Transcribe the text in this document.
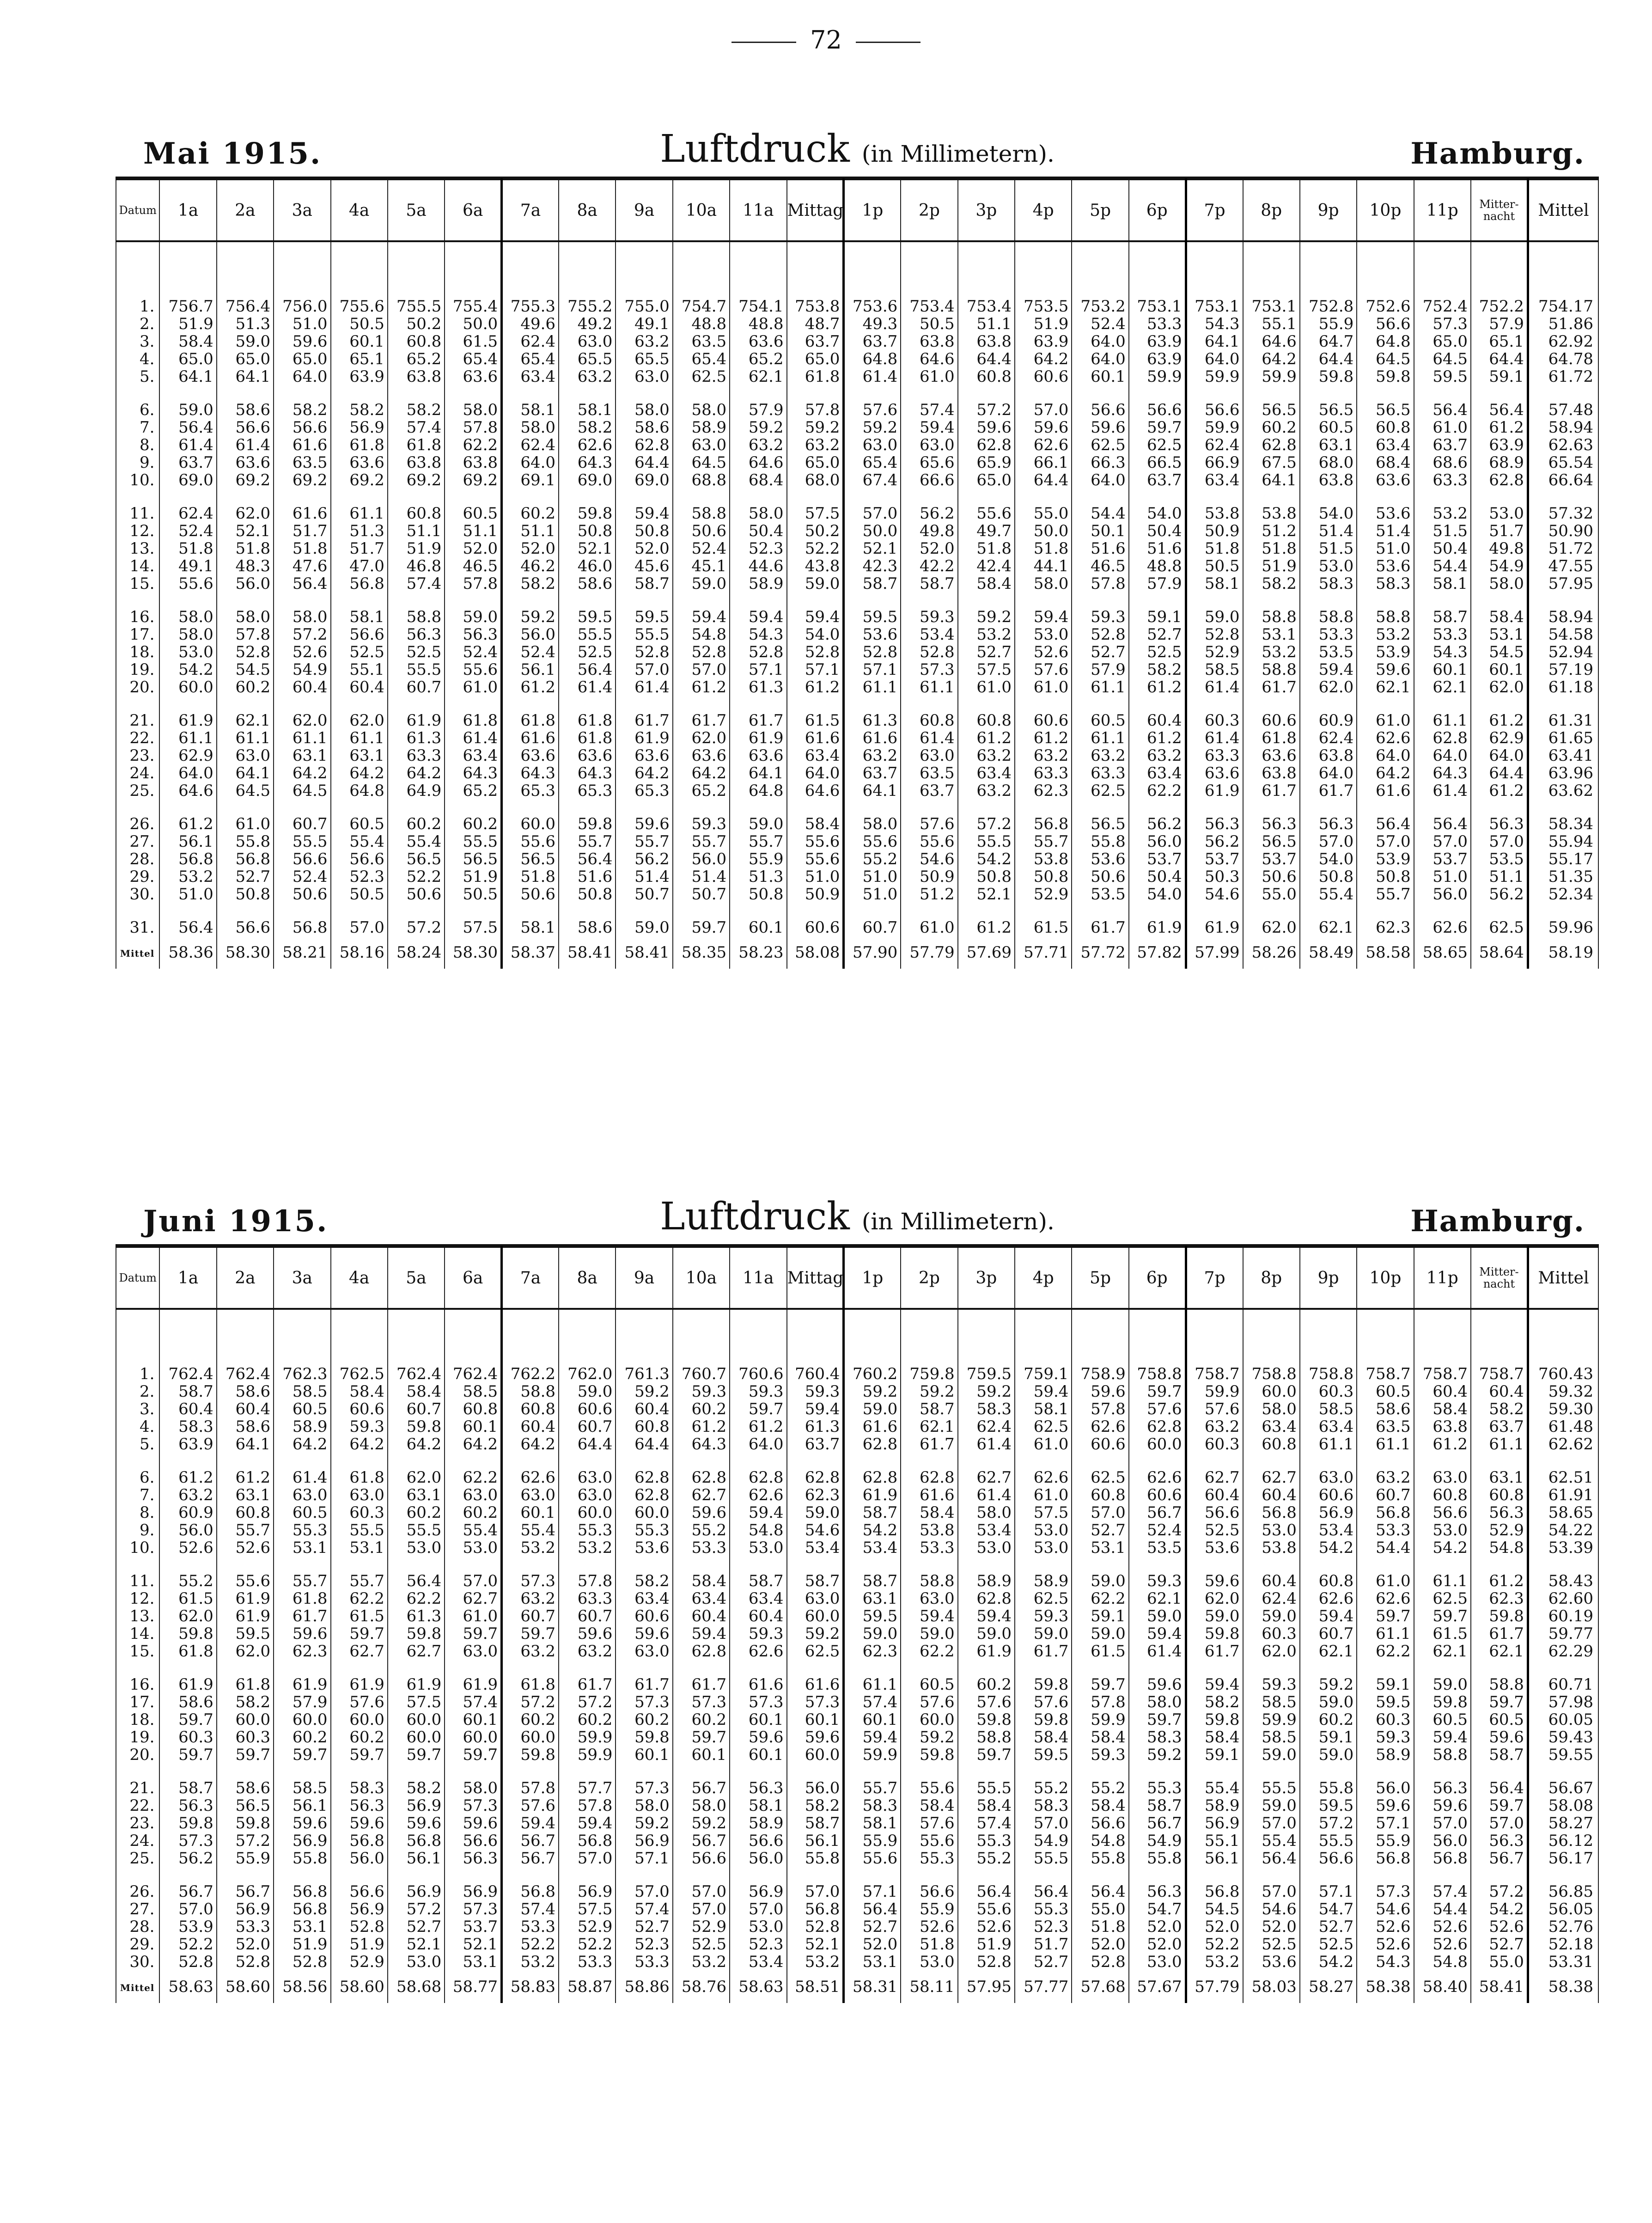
72
Mai 1915.	Luftdruck (in Millimetern).	Hamburg.
Datum	1a	2a	3a	4a	5a	6a	7a	8a	9a	10a	11a	Mittag	1p	2p	3p	4p	5p	6p	7p	8p	9p	10p	11p	Mitter-nacht	Mittel

1.	756.7	756.4	756.0	755.6	755.5	755.4	755.3	755.2	755.0	754.7	754.1	753.8	753.6	753.4	753.4	753.5	753.2	753.1	753.1	753.1	752.8	752.6	752.4	752.2	754.17
2.	51.9	51.3	51.0	50.5	50.2	50.0	49.6	49.2	49.1	48.8	48.8	48.7	49.3	50.5	51.1	51.9	52.4	53.3	54.3	55.1	55.9	56.6	57.3	57.9	51.86
3.	58.4	59.0	59.6	60.1	60.8	61.5	62.4	63.0	63.2	63.5	63.6	63.7	63.7	63.8	63.8	63.9	64.0	63.9	64.1	64.6	64.7	64.8	65.0	65.1	62.92
4.	65.0	65.0	65.0	65.1	65.2	65.4	65.4	65.5	65.5	65.4	65.2	65.0	64.8	64.6	64.4	64.2	64.0	63.9	64.0	64.2	64.4	64.5	64.5	64.4	64.78
5.	64.1	64.1	64.0	63.9	63.8	63.6	63.4	63.2	63.0	62.5	62.1	61.8	61.4	61.0	60.8	60.6	60.1	59.9	59.9	59.9	59.8	59.8	59.5	59.1	61.72

6.	59.0	58.6	58.2	58.2	58.2	58.0	58.1	58.1	58.0	58.0	57.9	57.8	57.6	57.4	57.2	57.0	56.6	56.6	56.6	56.5	56.5	56.5	56.4	56.4	57.48
7.	56.4	56.6	56.6	56.9	57.4	57.8	58.0	58.2	58.6	58.9	59.2	59.2	59.2	59.4	59.6	59.6	59.6	59.7	59.9	60.2	60.5	60.8	61.0	61.2	58.94
8.	61.4	61.4	61.6	61.8	61.8	62.2	62.4	62.6	62.8	63.0	63.2	63.2	63.0	63.0	62.8	62.6	62.5	62.5	62.4	62.8	63.1	63.4	63.7	63.9	62.63
9.	63.7	63.6	63.5	63.6	63.8	63.8	64.0	64.3	64.4	64.5	64.6	65.0	65.4	65.6	65.9	66.1	66.3	66.5	66.9	67.5	68.0	68.4	68.6	68.9	65.54
10.	69.0	69.2	69.2	69.2	69.2	69.2	69.1	69.0	69.0	68.8	68.4	68.0	67.4	66.6	65.0	64.4	64.0	63.7	63.4	64.1	63.8	63.6	63.3	62.8	66.64

11.	62.4	62.0	61.6	61.1	60.8	60.5	60.2	59.8	59.4	58.8	58.0	57.5	57.0	56.2	55.6	55.0	54.4	54.0	53.8	53.8	54.0	53.6	53.2	53.0	57.32
12.	52.4	52.1	51.7	51.3	51.1	51.1	51.1	50.8	50.8	50.6	50.4	50.2	50.0	49.8	49.7	50.0	50.1	50.4	50.9	51.2	51.4	51.4	51.5	51.7	50.90
13.	51.8	51.8	51.8	51.7	51.9	52.0	52.0	52.1	52.0	52.4	52.3	52.2	52.1	52.0	51.8	51.8	51.6	51.6	51.8	51.8	51.5	51.0	50.4	49.8	51.72
14.	49.1	48.3	47.6	47.0	46.8	46.5	46.2	46.0	45.6	45.1	44.6	43.8	42.3	42.2	42.4	44.1	46.5	48.8	50.5	51.9	53.0	53.6	54.4	54.9	47.55
15.	55.6	56.0	56.4	56.8	57.4	57.8	58.2	58.6	58.7	59.0	58.9	59.0	58.7	58.7	58.4	58.0	57.8	57.9	58.1	58.2	58.3	58.3	58.1	58.0	57.95

16.	58.0	58.0	58.0	58.1	58.8	59.0	59.2	59.5	59.5	59.4	59.4	59.4	59.5	59.3	59.2	59.4	59.3	59.1	59.0	58.8	58.8	58.8	58.7	58.4	58.94
17.	58.0	57.8	57.2	56.6	56.3	56.3	56.0	55.5	55.5	54.8	54.3	54.0	53.6	53.4	53.2	53.0	52.8	52.7	52.8	53.1	53.3	53.2	53.3	53.1	54.58
18.	53.0	52.8	52.6	52.5	52.5	52.4	52.4	52.5	52.8	52.8	52.8	52.8	52.8	52.8	52.7	52.6	52.7	52.5	52.9	53.2	53.5	53.9	54.3	54.5	52.94
19.	54.2	54.5	54.9	55.1	55.5	55.6	56.1	56.4	57.0	57.0	57.1	57.1	57.1	57.3	57.5	57.6	57.9	58.2	58.5	58.8	59.4	59.6	60.1	60.1	57.19
20.	60.0	60.2	60.4	60.4	60.7	61.0	61.2	61.4	61.4	61.2	61.3	61.2	61.1	61.1	61.0	61.0	61.1	61.2	61.4	61.7	62.0	62.1	62.1	62.0	61.18

21.	61.9	62.1	62.0	62.0	61.9	61.8	61.8	61.8	61.7	61.7	61.7	61.5	61.3	60.8	60.8	60.6	60.5	60.4	60.3	60.6	60.9	61.0	61.1	61.2	61.31
22.	61.1	61.1	61.1	61.1	61.3	61.4	61.6	61.8	61.9	62.0	61.9	61.6	61.6	61.4	61.2	61.2	61.1	61.2	61.4	61.8	62.4	62.6	62.8	62.9	61.65
23.	62.9	63.0	63.1	63.1	63.3	63.4	63.6	63.6	63.6	63.6	63.6	63.4	63.2	63.0	63.2	63.2	63.2	63.2	63.3	63.6	63.8	64.0	64.0	64.0	63.41
24.	64.0	64.1	64.2	64.2	64.2	64.3	64.3	64.3	64.2	64.2	64.1	64.0	63.7	63.5	63.4	63.3	63.3	63.4	63.6	63.8	64.0	64.2	64.3	64.4	63.96
25.	64.6	64.5	64.5	64.8	64.9	65.2	65.3	65.3	65.3	65.2	64.8	64.6	64.1	63.7	63.2	62.3	62.5	62.2	61.9	61.7	61.7	61.6	61.4	61.2	63.62

26.	61.2	61.0	60.7	60.5	60.2	60.2	60.0	59.8	59.6	59.3	59.0	58.4	58.0	57.6	57.2	56.8	56.5	56.2	56.3	56.3	56.3	56.4	56.4	56.3	58.34
27.	56.1	55.8	55.5	55.4	55.4	55.5	55.6	55.7	55.7	55.7	55.7	55.6	55.6	55.6	55.5	55.7	55.8	56.0	56.2	56.5	57.0	57.0	57.0	57.0	55.94
28.	56.8	56.8	56.6	56.6	56.5	56.5	56.5	56.4	56.2	56.0	55.9	55.6	55.2	54.6	54.2	53.8	53.6	53.7	53.7	53.7	54.0	53.9	53.7	53.5	55.17
29.	53.2	52.7	52.4	52.3	52.2	51.9	51.8	51.6	51.4	51.4	51.3	51.0	51.0	50.9	50.8	50.8	50.6	50.4	50.3	50.6	50.8	50.8	51.0	51.1	51.35
30.	51.0	50.8	50.6	50.5	50.6	50.5	50.6	50.8	50.7	50.7	50.8	50.9	51.0	51.2	52.1	52.9	53.5	54.0	54.6	55.0	55.4	55.7	56.0	56.2	52.34

31.	56.4	56.6	56.8	57.0	57.2	57.5	58.1	58.6	59.0	59.7	60.1	60.6	60.7	61.0	61.2	61.5	61.7	61.9	61.9	62.0	62.1	62.3	62.6	62.5	59.96
Mittel	58.36	58.30	58.21	58.16	58.24	58.30	58.37	58.41	58.41	58.35	58.23	58.08	57.90	57.79	57.69	57.71	57.72	57.82	57.99	58.26	58.49	58.58	58.65	58.64	58.19
Juni 1915.	Luftdruck (in Millimetern).	Hamburg.
Datum	1a	2a	3a	4a	5a	6a	7a	8a	9a	10a	11a	Mittag	1p	2p	3p	4p	5p	6p	7p	8p	9p	10p	11p	Mitter-nacht	Mittel

1.	762.4	762.4	762.3	762.5	762.4	762.4	762.2	762.0	761.3	760.7	760.6	760.4	760.2	759.8	759.5	759.1	758.9	758.8	758.7	758.8	758.8	758.7	758.7	758.7	760.43
2.	58.7	58.6	58.5	58.4	58.4	58.5	58.8	59.0	59.2	59.3	59.3	59.3	59.2	59.2	59.2	59.4	59.6	59.7	59.9	60.0	60.3	60.5	60.4	60.4	59.32
3.	60.4	60.4	60.5	60.6	60.7	60.8	60.8	60.6	60.4	60.2	59.7	59.4	59.0	58.7	58.3	58.1	57.8	57.6	57.6	58.0	58.5	58.6	58.4	58.2	59.30
4.	58.3	58.6	58.9	59.3	59.8	60.1	60.4	60.7	60.8	61.2	61.2	61.3	61.6	62.1	62.4	62.5	62.6	62.8	63.2	63.4	63.4	63.5	63.8	63.7	61.48
5.	63.9	64.1	64.2	64.2	64.2	64.2	64.2	64.4	64.4	64.3	64.0	63.7	62.8	61.7	61.4	61.0	60.6	60.0	60.3	60.8	61.1	61.1	61.2	61.1	62.62

6.	61.2	61.2	61.4	61.8	62.0	62.2	62.6	63.0	62.8	62.8	62.8	62.8	62.8	62.8	62.7	62.6	62.5	62.6	62.7	62.7	63.0	63.2	63.0	63.1	62.51
7.	63.2	63.1	63.0	63.0	63.1	63.0	63.0	63.0	62.8	62.7	62.6	62.3	61.9	61.6	61.4	61.0	60.8	60.6	60.4	60.4	60.6	60.7	60.8	60.8	61.91
8.	60.9	60.8	60.5	60.3	60.2	60.2	60.1	60.0	60.0	59.6	59.4	59.0	58.7	58.4	58.0	57.5	57.0	56.7	56.6	56.8	56.9	56.8	56.6	56.3	58.65
9.	56.0	55.7	55.3	55.5	55.5	55.4	55.4	55.3	55.3	55.2	54.8	54.6	54.2	53.8	53.4	53.0	52.7	52.4	52.5	53.0	53.4	53.3	53.0	52.9	54.22
10.	52.6	52.6	53.1	53.1	53.0	53.0	53.2	53.2	53.6	53.3	53.0	53.4	53.4	53.3	53.0	53.0	53.1	53.5	53.6	53.8	54.2	54.4	54.2	54.8	53.39

11.	55.2	55.6	55.7	55.7	56.4	57.0	57.3	57.8	58.2	58.4	58.7	58.7	58.7	58.8	58.9	58.9	59.0	59.3	59.6	60.4	60.8	61.0	61.1	61.2	58.43
12.	61.5	61.9	61.8	62.2	62.2	62.7	63.2	63.3	63.4	63.4	63.4	63.0	63.1	63.0	62.8	62.5	62.2	62.1	62.0	62.4	62.6	62.6	62.5	62.3	62.60
13.	62.0	61.9	61.7	61.5	61.3	61.0	60.7	60.7	60.6	60.4	60.4	60.0	59.5	59.4	59.4	59.3	59.1	59.0	59.0	59.0	59.4	59.7	59.7	59.8	60.19
14.	59.8	59.5	59.6	59.7	59.8	59.7	59.7	59.6	59.6	59.4	59.3	59.2	59.0	59.0	59.0	59.0	59.0	59.4	59.8	60.3	60.7	61.1	61.5	61.7	59.77
15.	61.8	62.0	62.3	62.7	62.7	63.0	63.2	63.2	63.0	62.8	62.6	62.5	62.3	62.2	61.9	61.7	61.5	61.4	61.7	62.0	62.1	62.2	62.1	62.1	62.29

16.	61.9	61.8	61.9	61.9	61.9	61.9	61.8	61.7	61.7	61.7	61.6	61.6	61.1	60.5	60.2	59.8	59.7	59.6	59.4	59.3	59.2	59.1	59.0	58.8	60.71
17.	58.6	58.2	57.9	57.6	57.5	57.4	57.2	57.2	57.3	57.3	57.3	57.3	57.4	57.6	57.6	57.6	57.8	58.0	58.2	58.5	59.0	59.5	59.8	59.7	57.98
18.	59.7	60.0	60.0	60.0	60.0	60.1	60.2	60.2	60.2	60.2	60.1	60.1	60.1	60.0	59.8	59.8	59.9	59.7	59.8	59.9	60.2	60.3	60.5	60.5	60.05
19.	60.3	60.3	60.2	60.2	60.0	60.0	60.0	59.9	59.8	59.7	59.6	59.6	59.4	59.2	58.8	58.4	58.4	58.3	58.4	58.5	59.1	59.3	59.4	59.6	59.43
20.	59.7	59.7	59.7	59.7	59.7	59.7	59.8	59.9	60.1	60.1	60.1	60.0	59.9	59.8	59.7	59.5	59.3	59.2	59.1	59.0	59.0	58.9	58.8	58.7	59.55

21.	58.7	58.6	58.5	58.3	58.2	58.0	57.8	57.7	57.3	56.7	56.3	56.0	55.7	55.6	55.5	55.2	55.2	55.3	55.4	55.5	55.8	56.0	56.3	56.4	56.67
22.	56.3	56.5	56.1	56.3	56.9	57.3	57.6	57.8	58.0	58.0	58.1	58.2	58.3	58.4	58.4	58.3	58.4	58.7	58.9	59.0	59.5	59.6	59.6	59.7	58.08
23.	59.8	59.8	59.6	59.6	59.6	59.6	59.4	59.4	59.2	59.2	58.9	58.7	58.1	57.6	57.4	57.0	56.6	56.7	56.9	57.0	57.2	57.1	57.0	57.0	58.27
24.	57.3	57.2	56.9	56.8	56.8	56.6	56.7	56.8	56.9	56.7	56.6	56.1	55.9	55.6	55.3	54.9	54.8	54.9	55.1	55.4	55.5	55.9	56.0	56.3	56.12
25.	56.2	55.9	55.8	56.0	56.1	56.3	56.7	57.0	57.1	56.6	56.0	55.8	55.6	55.3	55.2	55.5	55.8	55.8	56.1	56.4	56.6	56.8	56.8	56.7	56.17

26.	56.7	56.7	56.8	56.6	56.9	56.9	56.8	56.9	57.0	57.0	56.9	57.0	57.1	56.6	56.4	56.4	56.4	56.3	56.8	57.0	57.1	57.3	57.4	57.2	56.85
27.	57.0	56.9	56.8	56.9	57.2	57.3	57.4	57.5	57.4	57.0	57.0	56.8	56.4	55.9	55.6	55.3	55.0	54.7	54.5	54.6	54.7	54.6	54.4	54.2	56.05
28.	53.9	53.3	53.1	52.8	52.7	53.7	53.3	52.9	52.7	52.9	53.0	52.8	52.7	52.6	52.6	52.3	51.8	52.0	52.0	52.0	52.7	52.6	52.6	52.6	52.76
29.	52.2	52.0	51.9	51.9	52.1	52.1	52.2	52.2	52.3	52.5	52.3	52.1	52.0	51.8	51.9	51.7	52.0	52.0	52.2	52.5	52.5	52.6	52.6	52.7	52.18
30.	52.8	52.8	52.8	52.9	53.0	53.1	53.2	53.3	53.3	53.2	53.4	53.2	53.1	53.0	52.8	52.7	52.8	53.0	53.2	53.6	54.2	54.3	54.8	55.0	53.31
Mittel	58.63	58.60	58.56	58.60	58.68	58.77	58.83	58.87	58.86	58.76	58.63	58.51	58.31	58.11	57.95	57.77	57.68	57.67	57.79	58.03	58.27	58.38	58.40	58.41	58.38
